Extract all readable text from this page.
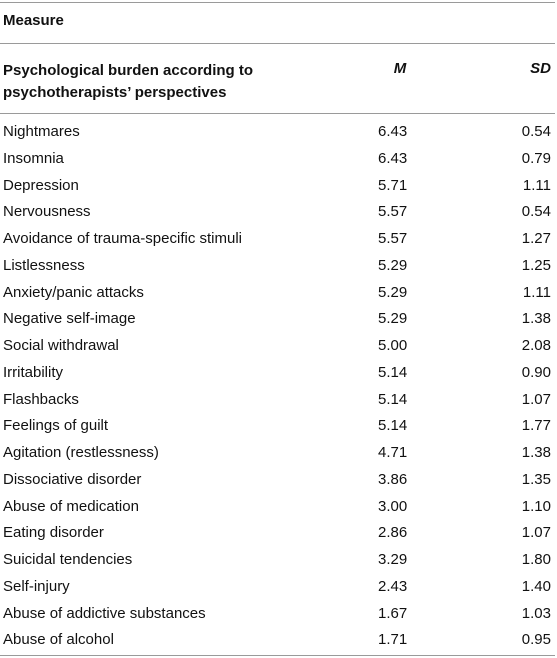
Measure
Psychological burden according to psychotherapists’ perspectives
M	SD
Nightmares	6.43	0.54
Insomnia	6.43	0.79
Depression	5.71	1.11
Nervousness	5.57	0.54
Avoidance of trauma-specific stimuli	5.57	1.27
Listlessness	5.29	1.25
Anxiety/panic attacks	5.29	1.11
Negative self-image	5.29	1.38
Social withdrawal	5.00	2.08
Irritability	5.14	0.90
Flashbacks	5.14	1.07
Feelings of guilt	5.14	1.77
Agitation (restlessness)	4.71	1.38
Dissociative disorder	3.86	1.35
Abuse of medication	3.00	1.10
Eating disorder	2.86	1.07
Suicidal tendencies	3.29	1.80
Self-injury	2.43	1.40
Abuse of addictive substances	1.67	1.03
Abuse of alcohol	1.71	0.95
